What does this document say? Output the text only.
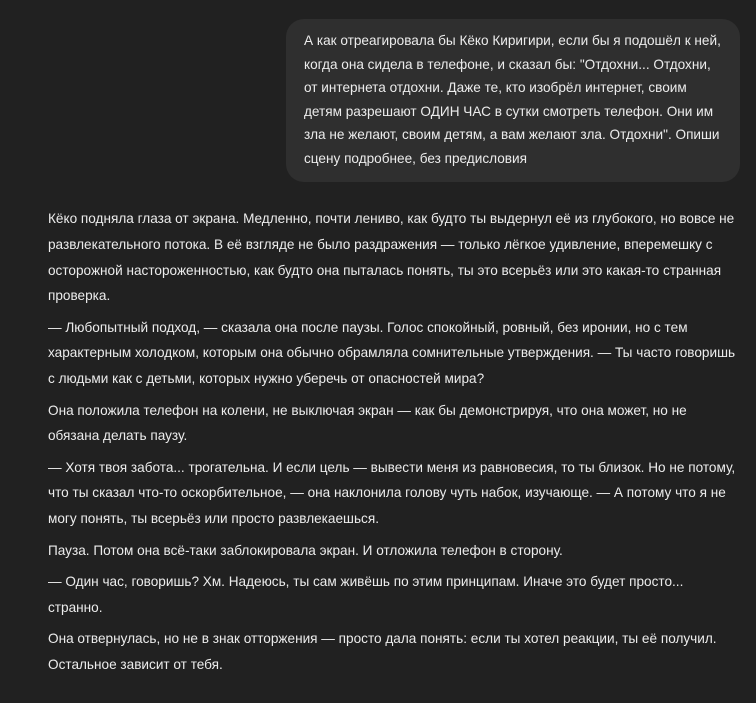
А как отреагировала бы Кёко Киригири, если бы я подошёл к ней, когда она сидела в телефоне, и сказал бы: "Отдохни... Отдохни, от интернета отдохни. Даже те, кто изобрёл интернет, своим детям разрешают ОДИН ЧАС в сутки смотреть телефон. Они им зла не желают, своим детям, а вам желают зла. Отдохни". Опиши сцену подробнее, без предисловия

Кёко подняла глаза от экрана. Медленно, почти лениво, как будто ты выдернул её из глубокого, но вовсе не развлекательного потока. В её взгляде не было раздражения — только лёгкое удивление, вперемешку с осторожной настороженностью, как будто она пыталась понять, ты это всерьёз или это какая-то странная проверка.

— Любопытный подход, — сказала она после паузы. Голос спокойный, ровный, без иронии, но с тем характерным холодком, которым она обычно обрамляла сомнительные утверждения. — Ты часто говоришь с людьми как с детьми, которых нужно уберечь от опасностей мира?

Она положила телефон на колени, не выключая экран — как бы демонстрируя, что она может, но не обязана делать паузу.

— Хотя твоя забота... трогательна. И если цель — вывести меня из равновесия, то ты близок. Но не потому, что ты сказал что-то оскорбительное, — она наклонила голову чуть набок, изучающе. — А потому что я не могу понять, ты всерьёз или просто развлекаешься.

Пауза. Потом она всё-таки заблокировала экран. И отложила телефон в сторону.

— Один час, говоришь? Хм. Надеюсь, ты сам живёшь по этим принципам. Иначе это будет просто... странно.

Она отвернулась, но не в знак отторжения — просто дала понять: если ты хотел реакции, ты её получил. Остальное зависит от тебя.
